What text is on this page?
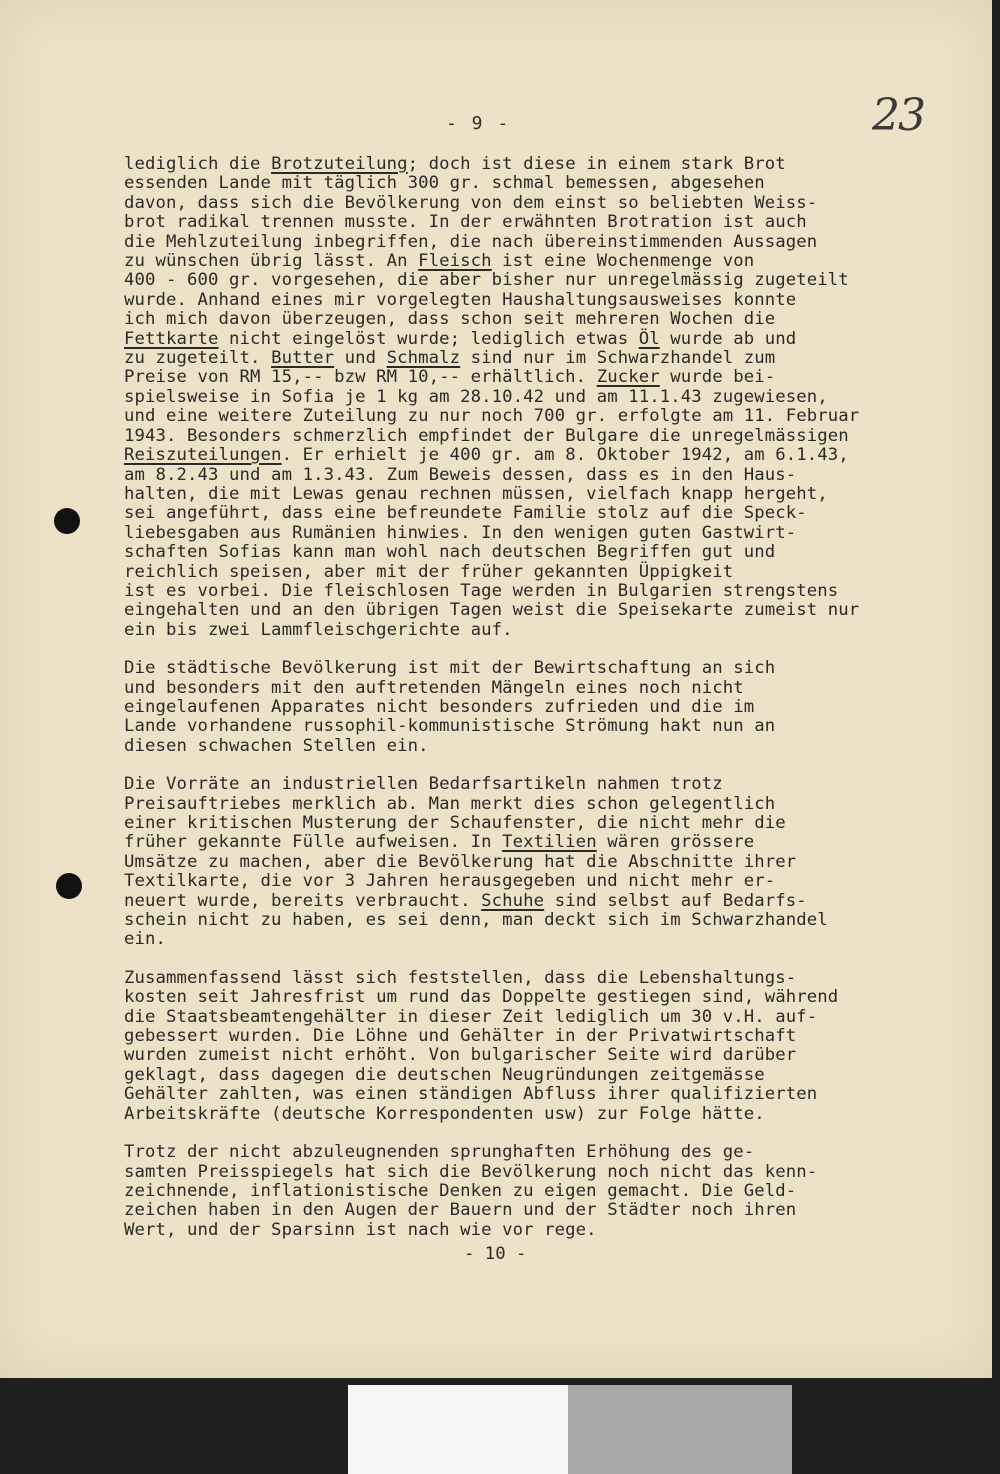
- 9 -	23
lediglich die Brotzuteilung; doch ist diese in einem stark Brot
essenden Lande mit täglich 300 gr. schmal bemessen, abgesehen
davon, dass sich die Bevölkerung von dem einst so beliebten Weiss-
brot radikal trennen musste. In der erwähnten Brotration ist auch
die Mehlzuteilung inbegriffen, die nach übereinstimmenden Aussagen
zu wünschen übrig lässt. An Fleisch ist eine Wochenmenge von
400 - 600 gr. vorgesehen, die aber bisher nur unregelmässig zugeteilt
wurde. Anhand eines mir vorgelegten Haushaltungsausweises konnte
ich mich davon überzeugen, dass schon seit mehreren Wochen die
Fettkarte nicht eingelöst wurde; lediglich etwas Öl wurde ab und
zu zugeteilt. Butter und Schmalz sind nur im Schwarzhandel zum
Preise von RM 15,-- bzw RM 10,-- erhältlich. Zucker wurde bei-
spielsweise in Sofia je 1 kg am 28.10.42 und am 11.1.43 zugewiesen,
und eine weitere Zuteilung zu nur noch 700 gr. erfolgte am 11. Februar
1943. Besonders schmerzlich empfindet der Bulgare die unregelmässigen
Reiszuteilungen. Er erhielt je 400 gr. am 8. Oktober 1942, am 6.1.43,
am 8.2.43 und am 1.3.43. Zum Beweis dessen, dass es in den Haus-
halten, die mit Lewas genau rechnen müssen, vielfach knapp hergeht,
sei angeführt, dass eine befreundete Familie stolz auf die Speck-
liebesgaben aus Rumänien hinwies. In den wenigen guten Gastwirt-
schaften Sofias kann man wohl nach deutschen Begriffen gut und
reichlich speisen, aber mit der früher gekannten Üppigkeit
ist es vorbei. Die fleischlosen Tage werden in Bulgarien strengstens
eingehalten und an den übrigen Tagen weist die Speisekarte zumeist nur
ein bis zwei Lammfleischgerichte auf.
Die städtische Bevölkerung ist mit der Bewirtschaftung an sich
und besonders mit den auftretenden Mängeln eines noch nicht
eingelaufenen Apparates nicht besonders zufrieden und die im
Lande vorhandene russophil-kommunistische Strömung hakt nun an
diesen schwachen Stellen ein.
Die Vorräte an industriellen Bedarfsartikeln nahmen trotz
Preisauftriebes merklich ab. Man merkt dies schon gelegentlich
einer kritischen Musterung der Schaufenster, die nicht mehr die
früher gekannte Fülle aufweisen. In Textilien wären grössere
Umsätze zu machen, aber die Bevölkerung hat die Abschnitte ihrer
Textilkarte, die vor 3 Jahren herausgegeben und nicht mehr er-
neuert wurde, bereits verbraucht. Schuhe sind selbst auf Bedarfs-
schein nicht zu haben, es sei denn, man deckt sich im Schwarzhandel
ein.
Zusammenfassend lässt sich feststellen, dass die Lebenshaltungs-
kosten seit Jahresfrist um rund das Doppelte gestiegen sind, während
die Staatsbeamtengehälter in dieser Zeit lediglich um 30 v.H. auf-
gebessert wurden. Die Löhne und Gehälter in der Privatwirtschaft
wurden zumeist nicht erhöht. Von bulgarischer Seite wird darüber
geklagt, dass dagegen die deutschen Neugründungen zeitgemässe
Gehälter zahlten, was einen ständigen Abfluss ihrer qualifizierten
Arbeitskräfte (deutsche Korrespondenten usw) zur Folge hätte.
Trotz der nicht abzuleugnenden sprunghaften Erhöhung des ge-
samten Preisspiegels hat sich die Bevölkerung noch nicht das kenn-
zeichnende, inflationistische Denken zu eigen gemacht. Die Geld-
zeichen haben in den Augen der Bauern und der Städter noch ihren
Wert, und der Sparsinn ist nach wie vor rege.
- 10 -
